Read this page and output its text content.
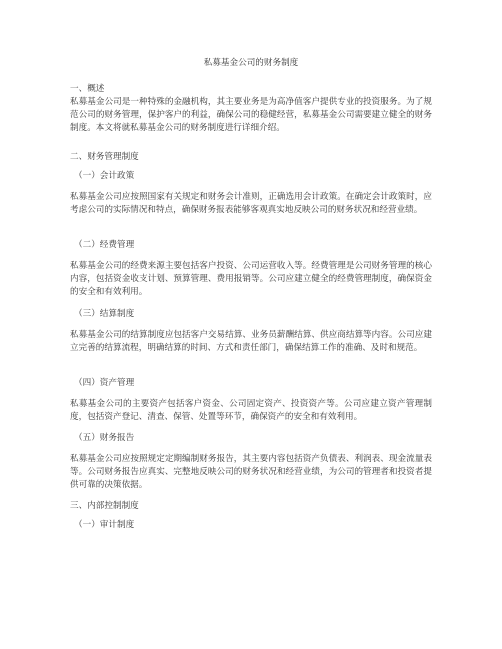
私募基金公司的财务制度
一、概述
私募基金公司是一种特殊的金融机构，其主要业务是为高净值客户提供专业的投资服务。为了规范公司的财务管理，保护客户的利益，确保公司的稳健经营，私募基金公司需要建立健全的财务制度。本文将就私募基金公司的财务制度进行详细介绍。
二、财务管理制度
（一）会计政策
私募基金公司应按照国家有关规定和财务会计准则，正确选用会计政策。在确定会计政策时，应考虑公司的实际情况和特点，确保财务报表能够客观真实地反映公司的财务状况和经营业绩。
（二）经费管理
私募基金公司的经费来源主要包括客户投资、公司运营收入等。经费管理是公司财务管理的核心内容，包括资金收支计划、预算管理、费用报销等。公司应建立健全的经费管理制度，确保资金的安全和有效利用。
（三）结算制度
私募基金公司的结算制度应包括客户交易结算、业务员薪酬结算、供应商结算等内容。公司应建立完善的结算流程，明确结算的时间、方式和责任部门，确保结算工作的准确、及时和规范。
（四）资产管理
私募基金公司的主要资产包括客户资金、公司固定资产、投资资产等。公司应建立资产管理制度，包括资产登记、清查、保管、处置等环节，确保资产的安全和有效利用。
（五）财务报告
私募基金公司应按照规定定期编制财务报告，其主要内容包括资产负债表、利润表、现金流量表等。公司财务报告应真实、完整地反映公司的财务状况和经营业绩，为公司的管理者和投资者提供可靠的决策依据。
三、内部控制制度
（一）审计制度
